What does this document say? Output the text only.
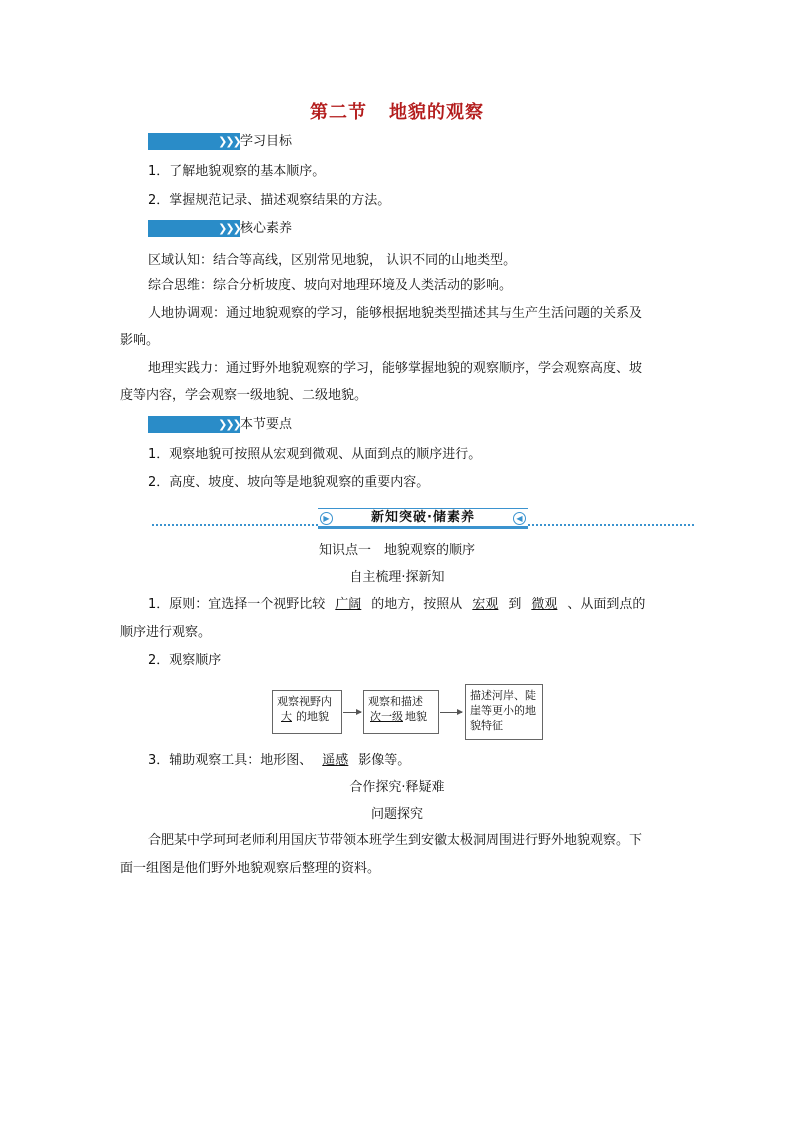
第二节 地貌的观察
❯❯❯ 学习目标
1．了解地貌观察的基本顺序。
2．掌握规范记录、描述观察结果的方法。
❯❯❯ 核心素养
区域认知：结合等高线，区别常见地貌， 认识不同的山地类型。
综合思维：综合分析坡度、坡向对地理环境及人类活动的影响。
人地协调观：通过地貌观察的学习，能够根据地貌类型描述其与生产生活问题的关系及
影响。
地理实践力：通过野外地貌观察的学习，能够掌握地貌的观察顺序，学会观察高度、坡
度等内容，学会观察一级地貌、二级地貌。
❯❯❯ 本节要点
1．观察地貌可按照从宏观到微观、从面到点的顺序进行。
2．高度、坡度、坡向等是地貌观察的重要内容。
▶	新知突破·储素养	◀
知识点一　地貌观察的顺序
自主梳理·探新知
1．原则：宜选择一个视野比较 广阔 的地方，按照从 宏观 到 微观 、从面到点的
顺序进行观察。
2．观察顺序
观察视野内
大 的地貌
观察和描述
次一级 地貌
描述河岸、陡崖等更小的地貌特征
3．辅助观察工具：地形图、 遥感 影像等。
合作探究·释疑难
问题探究
合肥某中学珂珂老师利用国庆节带领本班学生到安徽太极洞周围进行野外地貌观察。下
面一组图是他们野外地貌观察后整理的资料。
